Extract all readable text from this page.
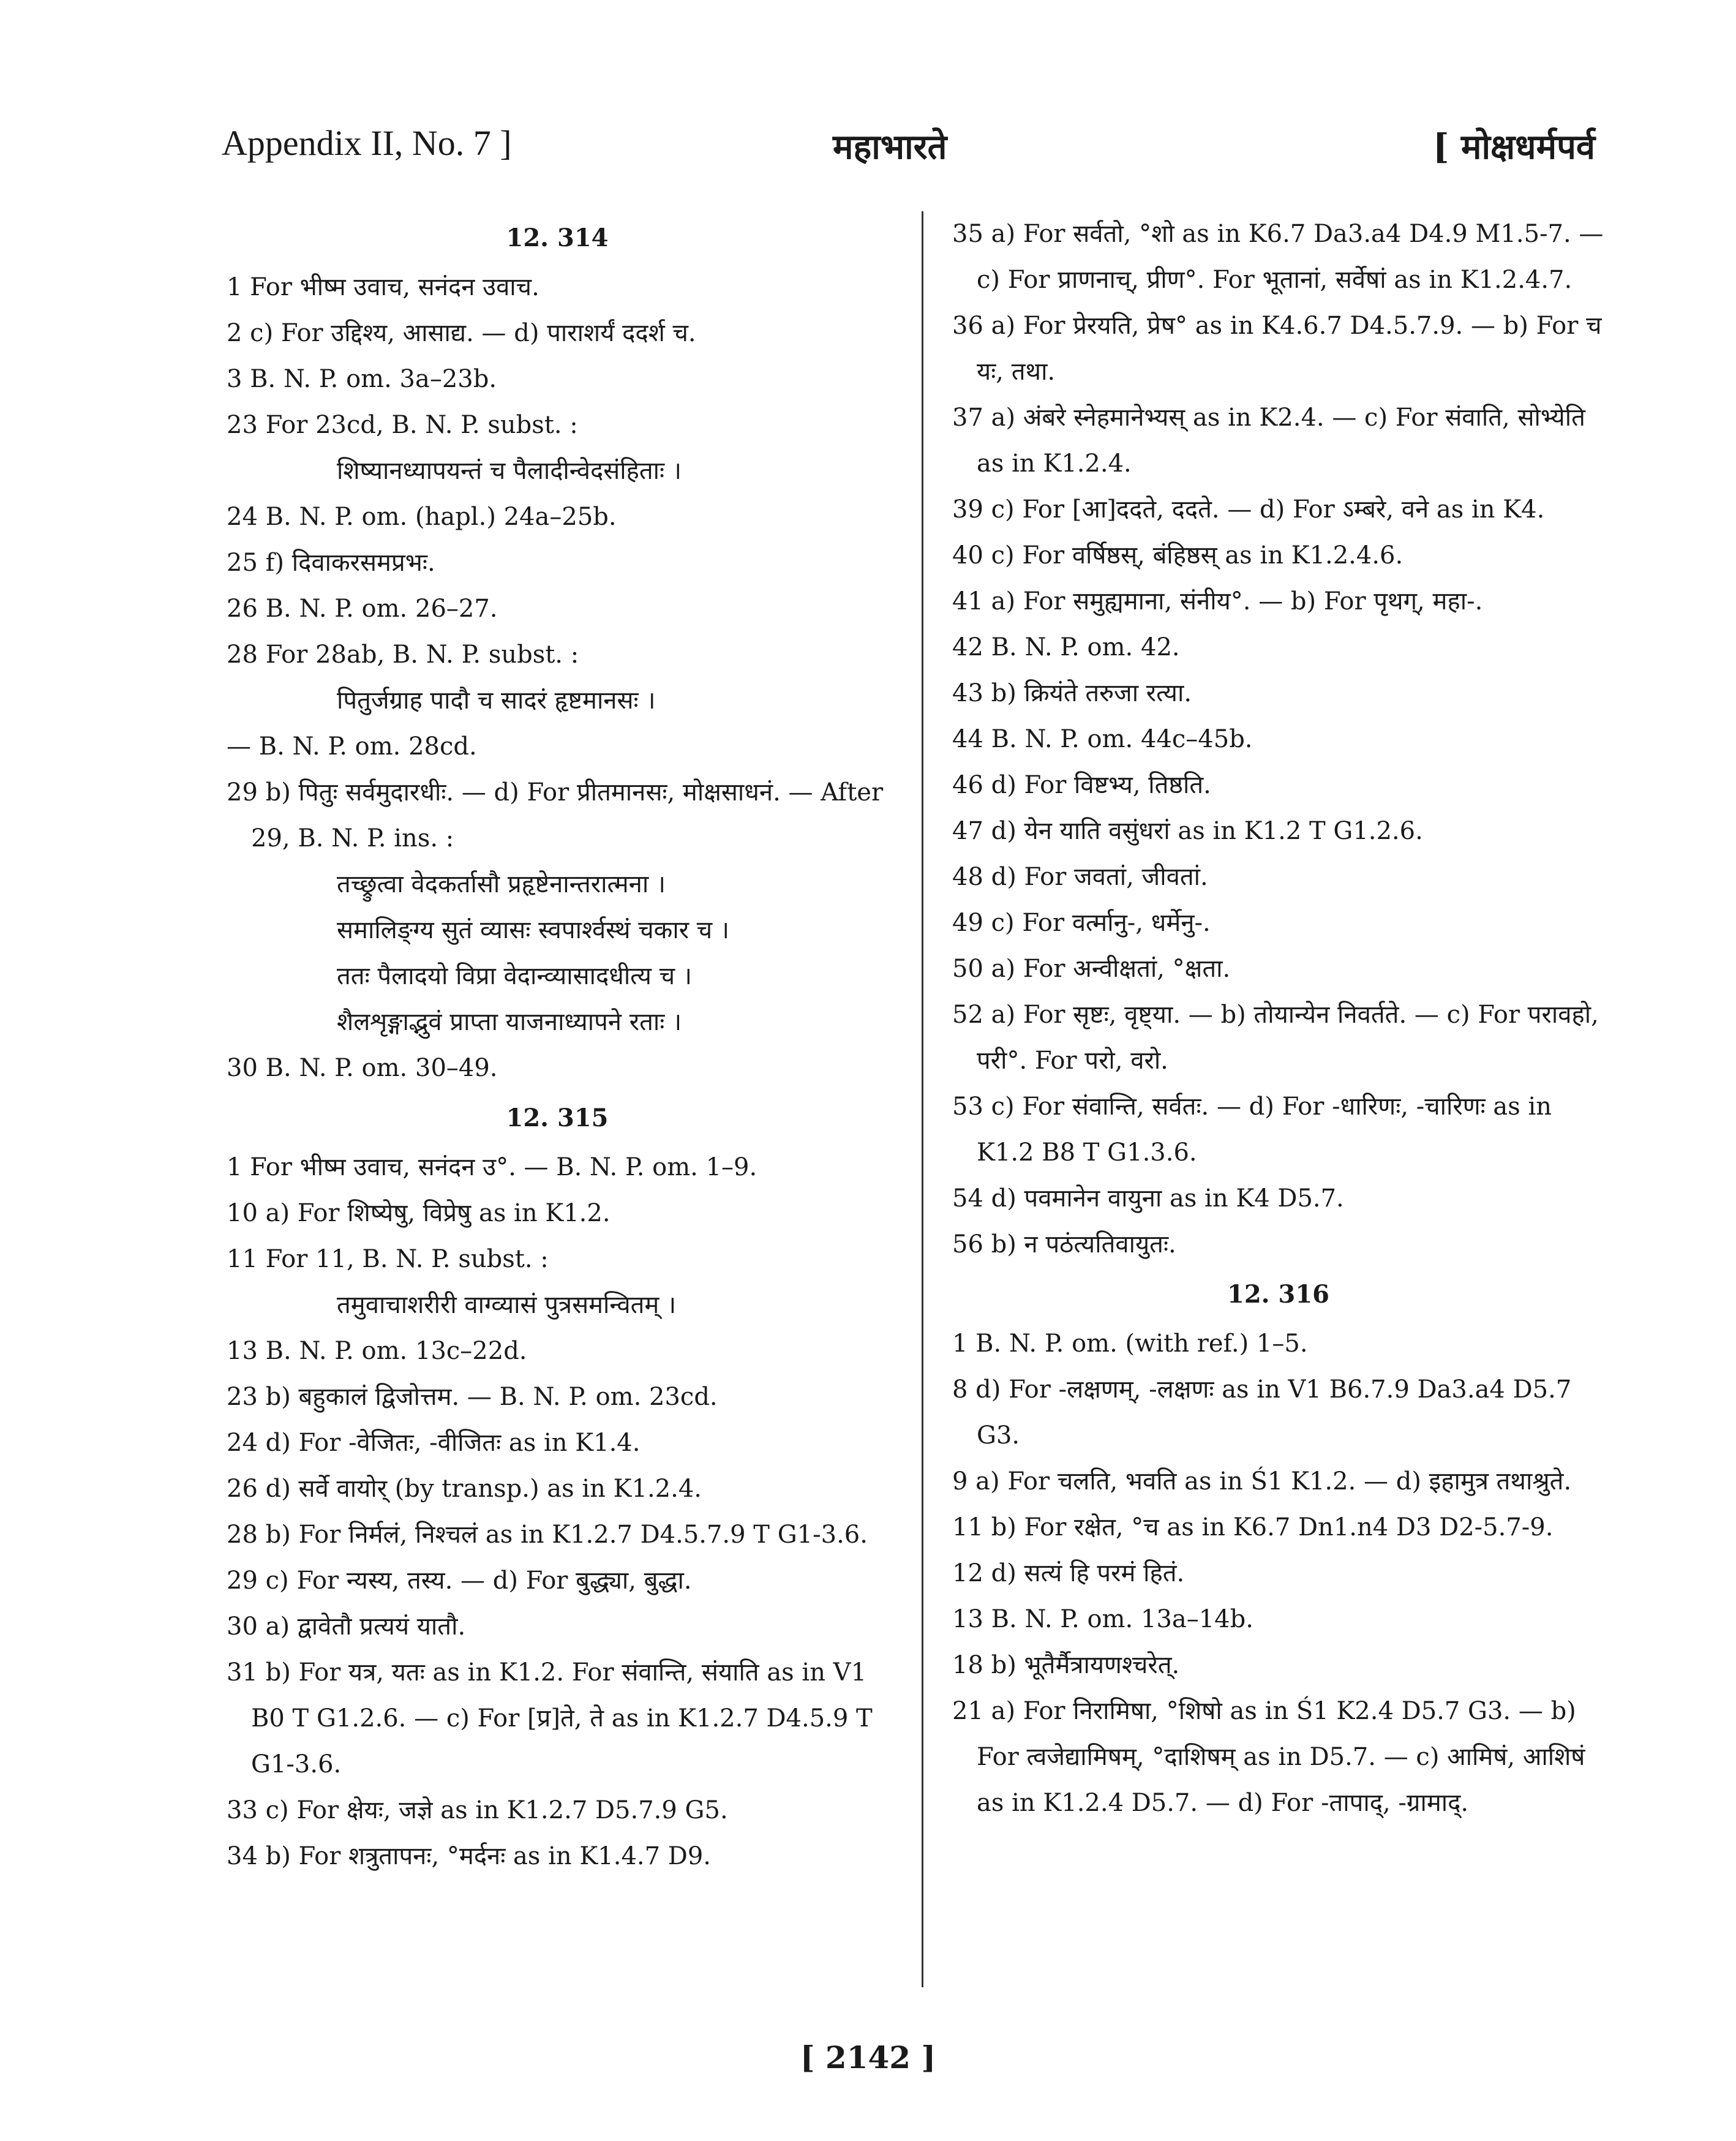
Appendix II, No. 7 ]	महाभारते	[ मोक्षधर्मपर्व
12. 314

1 For भीष्म उवाच, सनंदन उवाच.

2 c) For उद्दिश्य, आसाद्य. — d) पाराशर्यं ददर्श च.

3 B. N. P. om. 3a–23b.

23 For 23cd, B. N. P. subst. :

शिष्यानध्यापयन्तं च पैलादीन्वेदसंहिताः ।

24 B. N. P. om. (hapl.) 24a–25b.

25 f) दिवाकरसमप्रभः.

26 B. N. P. om. 26–27.

28 For 28ab, B. N. P. subst. :

पितुर्जग्राह पादौ च सादरं हृष्टमानसः ।

— B. N. P. om. 28cd.

29 b) पितुः सर्वमुदारधीः. — d) For प्रीतमानसः, मोक्षसाधनं. — After 29, B. N. P. ins. :

तच्छ्रुत्वा वेदकर्तासौ प्रहृष्टेनान्तरात्मना ।

समालिङ्ग्य सुतं व्यासः स्वपार्श्वस्थं चकार च ।

ततः पैलादयो विप्रा वेदान्व्यासादधीत्य च ।

शैलशृङ्गाद्भुवं प्राप्ता याजनाध्यापने रताः ।

30 B. N. P. om. 30–49.

12. 315

1 For भीष्म उवाच, सनंदन उ°. — B. N. P. om. 1–9.

10 a) For शिष्येषु, विप्रेषु as in K1.2.

11 For 11, B. N. P. subst. :

तमुवाचाशरीरी वाग्व्यासं पुत्रसमन्वितम् ।

13 B. N. P. om. 13c–22d.

23 b) बहुकालं द्विजोत्तम. — B. N. P. om. 23cd.

24 d) For -वेजितः, -वीजितः as in K1.4.

26 d) सर्वे वायोर् (by transp.) as in K1.2.4.

28 b) For निर्मलं, निश्चलं as in K1.2.7 D4.5.7.9 T G1-3.6.

29 c) For न्यस्य, तस्य. — d) For बुद्ध्या, बुद्धा.

30 a) द्वावेतौ प्रत्ययं यातौ.

31 b) For यत्र, यतः as in K1.2. For संवान्ति, संयाति as in V1 B0 T G1.2.6. — c) For [प्र]ते, ते as in K1.2.7 D4.5.9 T G1-3.6.

33 c) For क्षेयः, जज्ञे as in K1.2.7 D5.7.9 G5.

34 b) For शत्रुतापनः, °मर्दनः as in K1.4.7 D9.

35 a) For सर्वतो, °शो as in K6.7 Da3.a4 D4.9 M1.5-7. — c) For प्राणनाच्, प्रीण°. For भूतानां, सर्वेषां as in K1.2.4.7.

36 a) For प्रेरयति, प्रेष° as in K4.6.7 D4.5.7.9. — b) For च यः, तथा.

37 a) अंबरे स्नेहमानेभ्यस् as in K2.4. — c) For संवाति, सोभ्येति as in K1.2.4.

39 c) For [आ]ददते, ददते. — d) For ऽम्बरे, वने as in K4.

40 c) For वर्षिष्ठस्, बंहिष्ठस् as in K1.2.4.6.

41 a) For समुह्यमाना, संनीय°. — b) For पृथग्, महा-.

42 B. N. P. om. 42.

43 b) क्रियंते तरुजा रत्या.

44 B. N. P. om. 44c–45b.

46 d) For विष्टभ्य, तिष्ठति.

47 d) येन याति वसुंधरां as in K1.2 T G1.2.6.

48 d) For जवतां, जीवतां.

49 c) For वर्त्मानु-, धर्मेनु-.

50 a) For अन्वीक्षतां, °क्षता.

52 a) For सृष्टः, वृष्ट्या. — b) तोयान्येन निवर्तते. — c) For परावहो, परी°. For परो, वरो.

53 c) For संवान्ति, सर्वतः. — d) For -धारिणः, -चारिणः as in K1.2 B8 T G1.3.6.

54 d) पवमानेन वायुना as in K4 D5.7.

56 b) न पठंत्यतिवायुतः.

12. 316

1 B. N. P. om. (with ref.) 1–5.

8 d) For -लक्षणम्, -लक्षणः as in V1 B6.7.9 Da3.a4 D5.7 G3.

9 a) For चलति, भवति as in Ś1 K1.2. — d) इहामुत्र तथाश्रुते.

11 b) For रक्षेत, °च as in K6.7 Dn1.n4 D3 D2-5.7-9.

12 d) सत्यं हि परमं हितं.

13 B. N. P. om. 13a–14b.

18 b) भूतैर्मैत्रायणश्चरेत्.

21 a) For निरामिषा, °शिषो as in Ś1 K2.4 D5.7 G3. — b) For त्वजेद्यामिषम्, °दाशिषम् as in D5.7. — c) आमिषं, आशिषं as in K1.2.4 D5.7. — d) For -तापाद्, -ग्रामाद्.

[ 2142 ]
